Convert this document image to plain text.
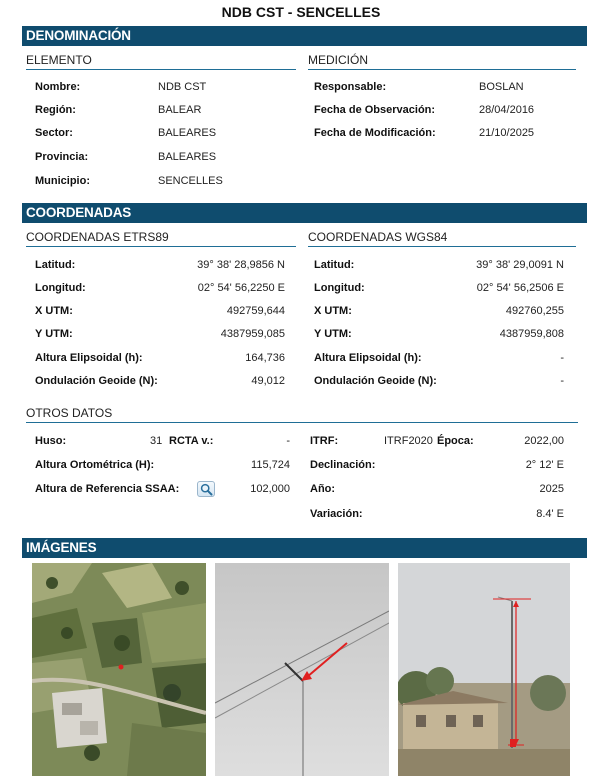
NDB CST - SENCELLES
DENOMINACIÓN
ELEMENTO	MEDICIÓN
Nombre:	NDB CST
Región:	BALEAR
Sector:	BALEARES
Provincia:	BALEARES
Municipio:	SENCELLES
Responsable:	BOSLAN
Fecha de Observación:	28/04/2016
Fecha de Modificación:	21/10/2025
COORDENADAS
COORDENADAS ETRS89	COORDENADAS WGS84
Latitud:	39° 38' 28,9856 N
Longitud:	02° 54' 56,2250 E
X UTM:	492759,644
Y UTM:	4387959,085
Altura Elipsoidal (h):	164,736
Ondulación Geoide (N):	49,012
Latitud:	39° 38' 29,0091 N
Longitud:	02° 54' 56,2506 E
X UTM:	492760,255
Y UTM:	4387959,808
Altura Elipsoidal (h):	-
Ondulación Geoide (N):	-
OTROS DATOS
Huso:	31 RCTA v.:	-
Altura Ortométrica (H):	115,724
Altura de Referencia SSAA:	102,000
ITRF:	ITRF2020 Época:	2022,00
Declinación:	2° 12' E
Año:	2025
Variación:	8.4' E
IMÁGENES
